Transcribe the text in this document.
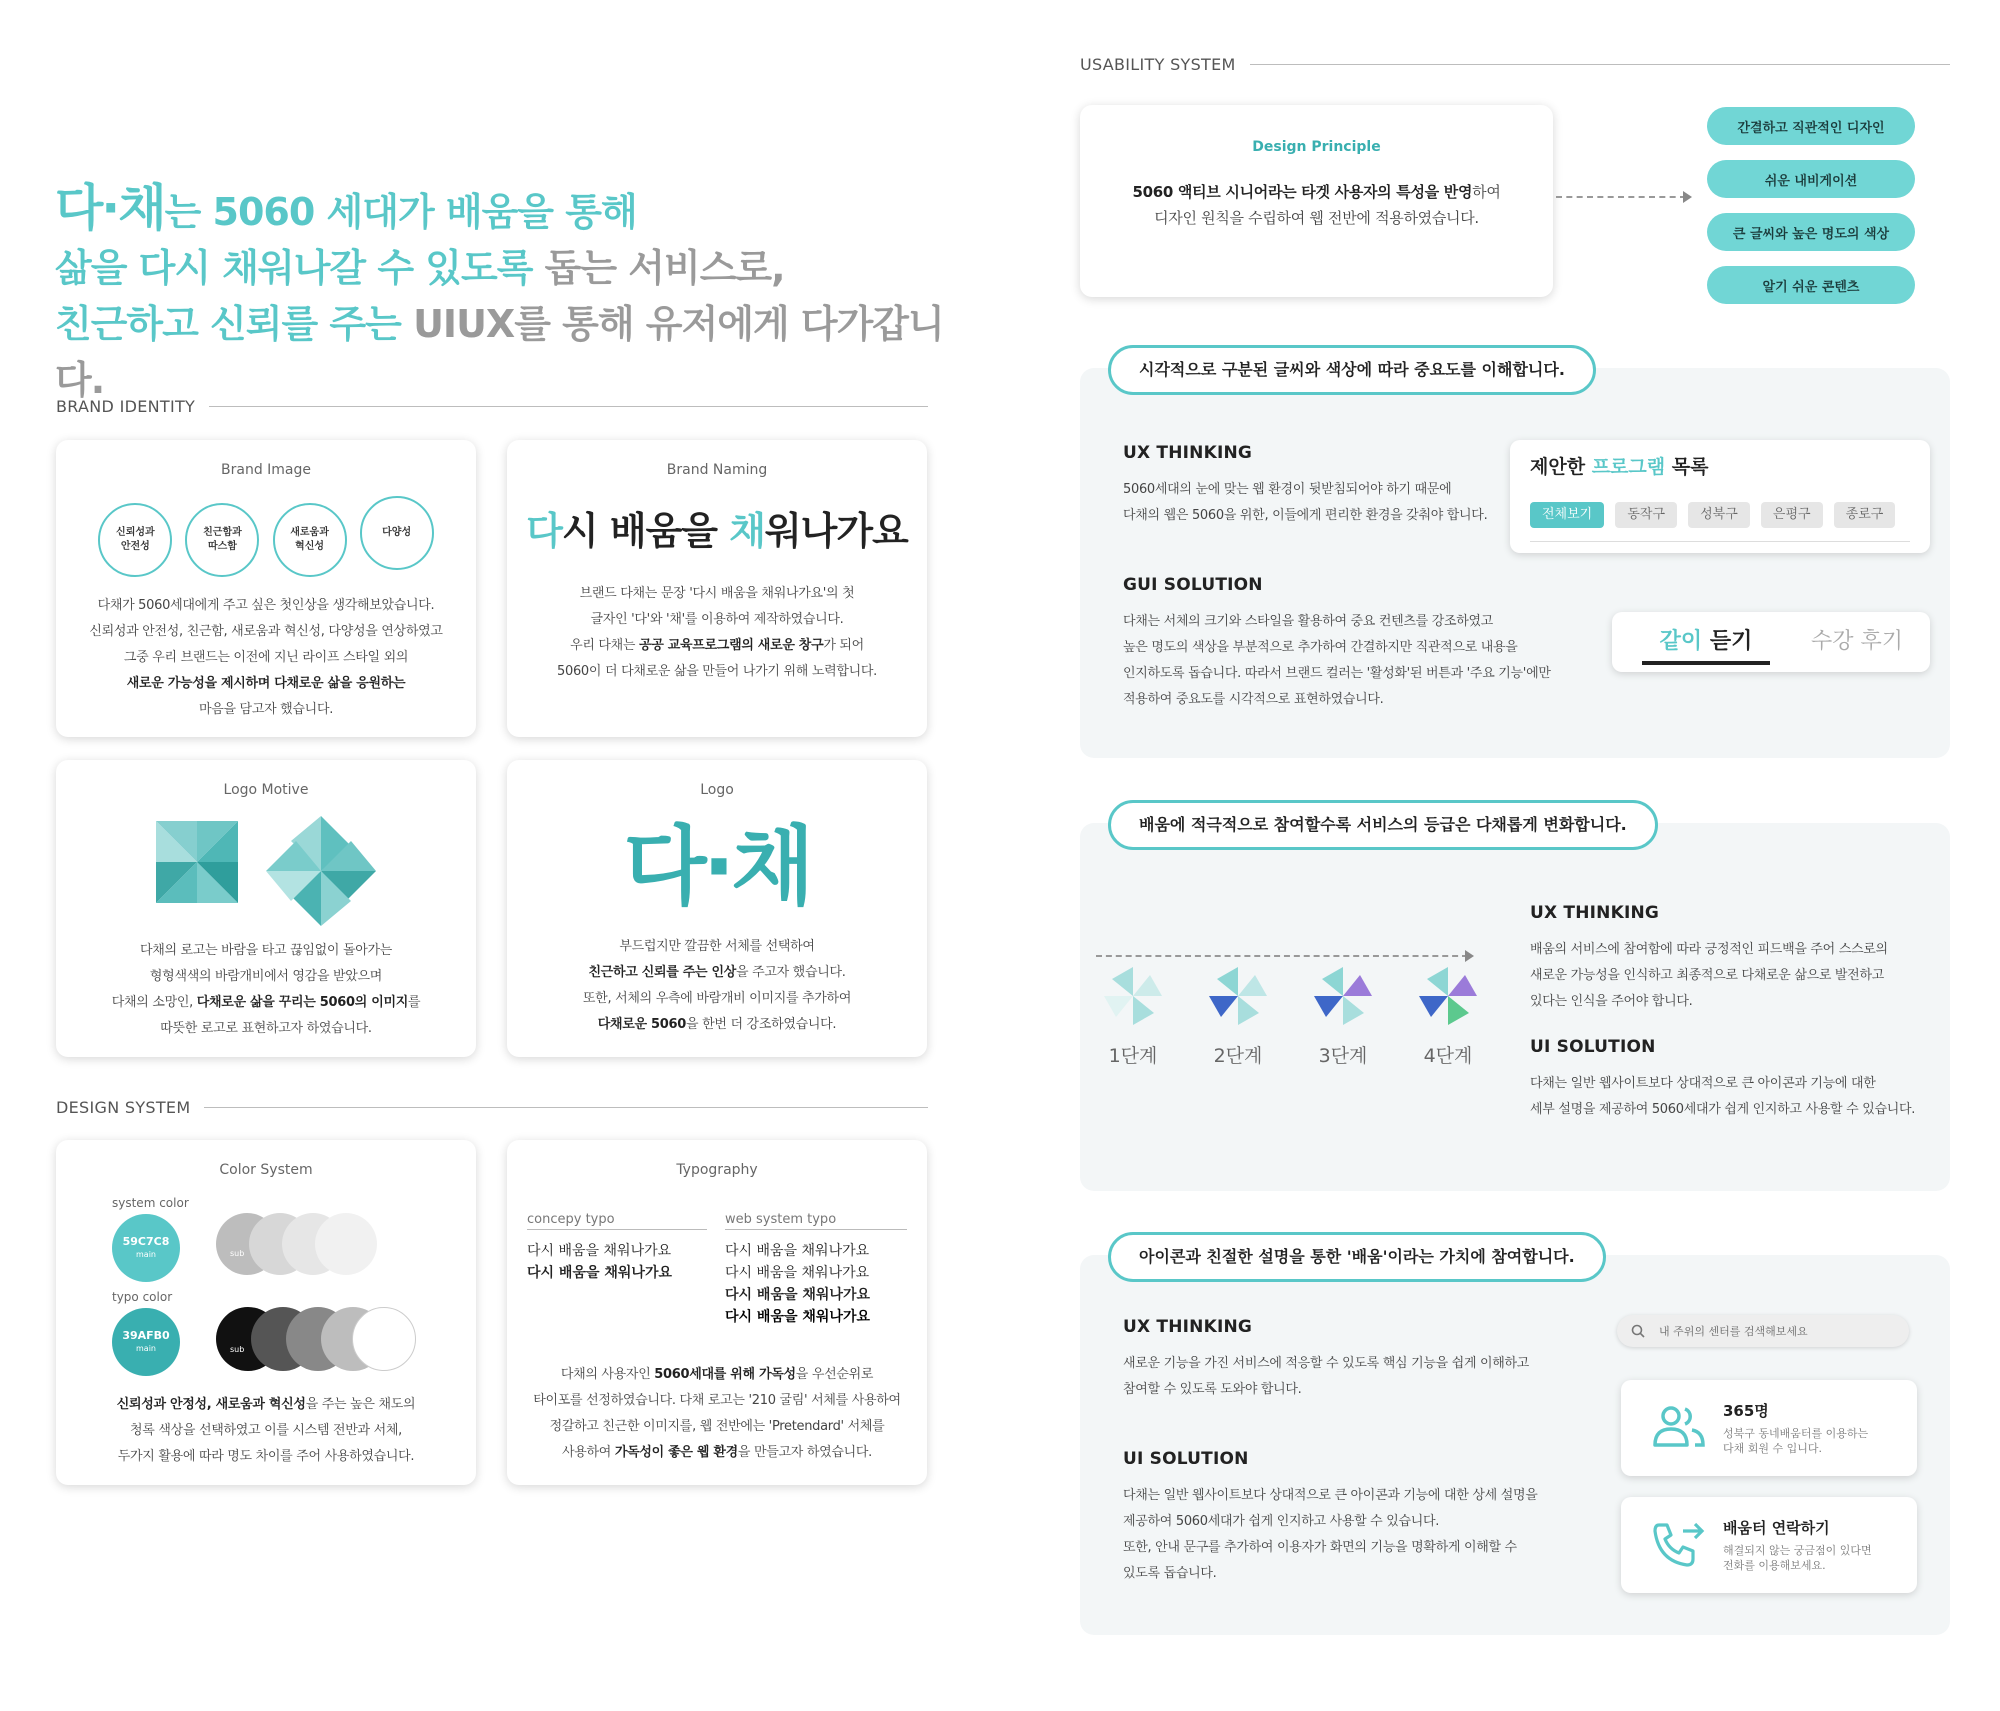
다·채는 5060 세대가 배움을 통해
삶을 다시 채워나갈 수 있도록 돕는 서비스로,
친근하고 신뢰를 주는 UIUX를 통해 유저에게 다가갑니다.
BRAND IDENTITY
Brand Image
신뢰성과
안전성

친근함과
따스함

새로움과
혁신성

다양성
다채가 5060세대에게 주고 싶은 첫인상을 생각해보았습니다.
신뢰성과 안전성, 친근함, 새로움과 혁신성, 다양성을 연상하였고
그중 우리 브랜드는 이전에 지닌 라이프 스타일 외의
새로운 가능성을 제시하며 다채로운 삶을 응원하는
마음을 담고자 했습니다.
Brand Naming
다시 배움을 채워나가요
브랜드 다채는 문장 '다시 배움을 채워나가요'의 첫
글자인 '다'와 '채'를 이용하여 제작하였습니다.
우리 다채는 공공 교육프로그램의 새로운 창구가 되어
5060이 더 다채로운 삶을 만들어 나가기 위해 노력합니다.
Logo Motive
다채의 로고는 바람을 타고 끊임없이 돌아가는
형형색색의 바람개비에서 영감을 받았으며
다채의 소망인, 다채로운 삶을 꾸리는 5060의 이미지를
따뜻한 로고로 표현하고자 하였습니다.
Logo
다·채
부드럽지만 깔끔한 서체를 선택하여
친근하고 신뢰를 주는 인상을 주고자 했습니다.
또한, 서체의 우측에 바람개비 이미지를 추가하여
다채로운 5060을 한번 더 강조하였습니다.
DESIGN SYSTEM
Color System
system color
59C7C8
main	sub
typo color
39AFB0
main	sub
신뢰성과 안정성, 새로움과 혁신성을 주는 높은 채도의
청록 색상을 선택하였고 이를 시스템 전반과 서체,
두가지 활용에 따라 명도 차이를 주어 사용하였습니다.
Typography
concepy typo	web system typo
다시 배움을 채워나가요
다시 배움을 채워나가요
다시 배움을 채워나가요
다시 배움을 채워나가요
다시 배움을 채워나가요
다시 배움을 채워나가요
다채의 사용자인 5060세대를 위해 가독성을 우선순위로
타이포를 선정하였습니다. 다채 로고는 '210 굴림' 서체를 사용하여
정갈하고 친근한 이미지를, 웹 전반에는 'Pretendard' 서체를
사용하여 가독성이 좋은 웹 환경을 만들고자 하였습니다.
USABILITY SYSTEM
Design Principle
5060 액티브 시니어라는 타겟 사용자의 특성을 반영하여
디자인 원칙을 수립하여 웹 전반에 적용하였습니다.
간결하고 직관적인 디자인
쉬운 내비게이션
큰 글씨와 높은 명도의 색상
알기 쉬운 콘텐츠
시각적으로 구분된 글씨와 색상에 따라 중요도를 이해합니다.
UX THINKING
5060세대의 눈에 맞는 웹 환경이 뒷받침되어야 하기 때문에
다채의 웹은 5060을 위한, 이들에게 편리한 환경을 갖춰야 합니다.
GUI SOLUTION
다채는 서체의 크기와 스타일을 활용하여 중요 컨텐츠를 강조하였고
높은 명도의 색상을 부분적으로 추가하여 간결하지만 직관적으로 내용을
인지하도록 돕습니다. 따라서 브랜드 컬러는 '활성화'된 버튼과 '주요 기능'에만
적용하여 중요도를 시각적으로 표현하였습니다.
제안한 프로그램 목록
전체보기	동작구	성북구	은평구	종로구
같이 듣기	수강 후기
배움에 적극적으로 참여할수록 서비스의 등급은 다채롭게 변화합니다.
1단계	2단계	3단계	4단계
UX THINKING
배움의 서비스에 참여함에 따라 긍정적인 피드백을 주어 스스로의
새로운 가능성을 인식하고 최종적으로 다채로운 삶으로 발전하고
있다는 인식을 주어야 합니다.
UI SOLUTION
다채는 일반 웹사이트보다 상대적으로 큰 아이콘과 기능에 대한
세부 설명을 제공하여 5060세대가 쉽게 인지하고 사용할 수 있습니다.
아이콘과 친절한 설명을 통한 '배움'이라는 가치에 참여합니다.
UX THINKING
새로운 기능을 가진 서비스에 적응할 수 있도록 핵심 기능을 쉽게 이해하고
참여할 수 있도록 도와야 합니다.
UI SOLUTION
다채는 일반 웹사이트보다 상대적으로 큰 아이콘과 기능에 대한 상세 설명을
제공하여 5060세대가 쉽게 인지하고 사용할 수 있습니다.
또한, 안내 문구를 추가하여 이용자가 화면의 기능을 명확하게 이해할 수
있도록 돕습니다.
내 주위의 센터를 검색해보세요
365명
성북구 동네배움터를 이용하는
다채 회원 수 입니다.
배움터 연락하기
해결되지 않는 궁금점이 있다면
전화를 이용해보세요.
